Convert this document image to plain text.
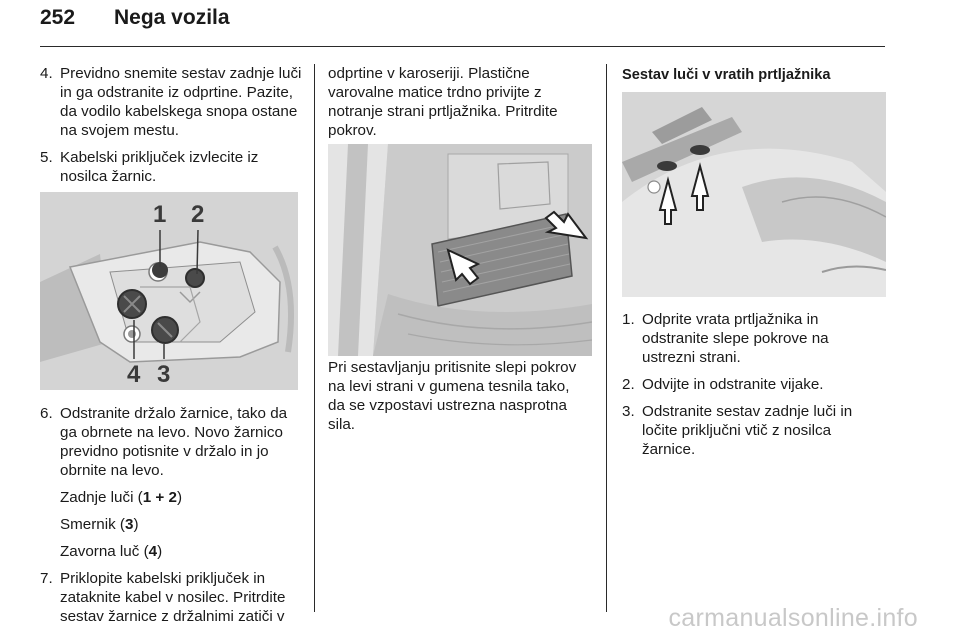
252 Nega vozila
4. Previdno snemite sestav zadnje luči in ga odstranite iz odprtine. Pazite, da vodilo kabelskega snopa ostane na svojem mestu.
5. Kabelski priključek izvlecite iz nosilca žarnic.
1 2
4 3
6. Odstranite držalo žarnice, tako da ga obrnete na levo. Novo žarnico previdno potisnite v držalo in jo obrnite na levo.
Zadnje luči (1 + 2)
Smernik (3)
Zavorna luč (4)
7. Priklopite kabelski priključek in zataknite kabel v nosilec. Pritrdite sestav žarnice z držalnimi zatiči v
odprtine v karoseriji. Plastične varovalne matice trdno privijte z notranje strani prtljažnika. Pritrdite pokrov.
Pri sestavljanju pritisnite slepi pokrov na levi strani v gumena tesnila tako, da se vzpostavi ustrezna nasprotna sila.
Sestav luči v vratih prtljažnika
1. Odprite vrata prtljažnika in odstranite slepe pokrove na ustrezni strani.
2. Odvijte in odstranite vijake.
3. Odstranite sestav zadnje luči in ločite priključni vtič z nosilca žarnice.
carmanualsonline.info
